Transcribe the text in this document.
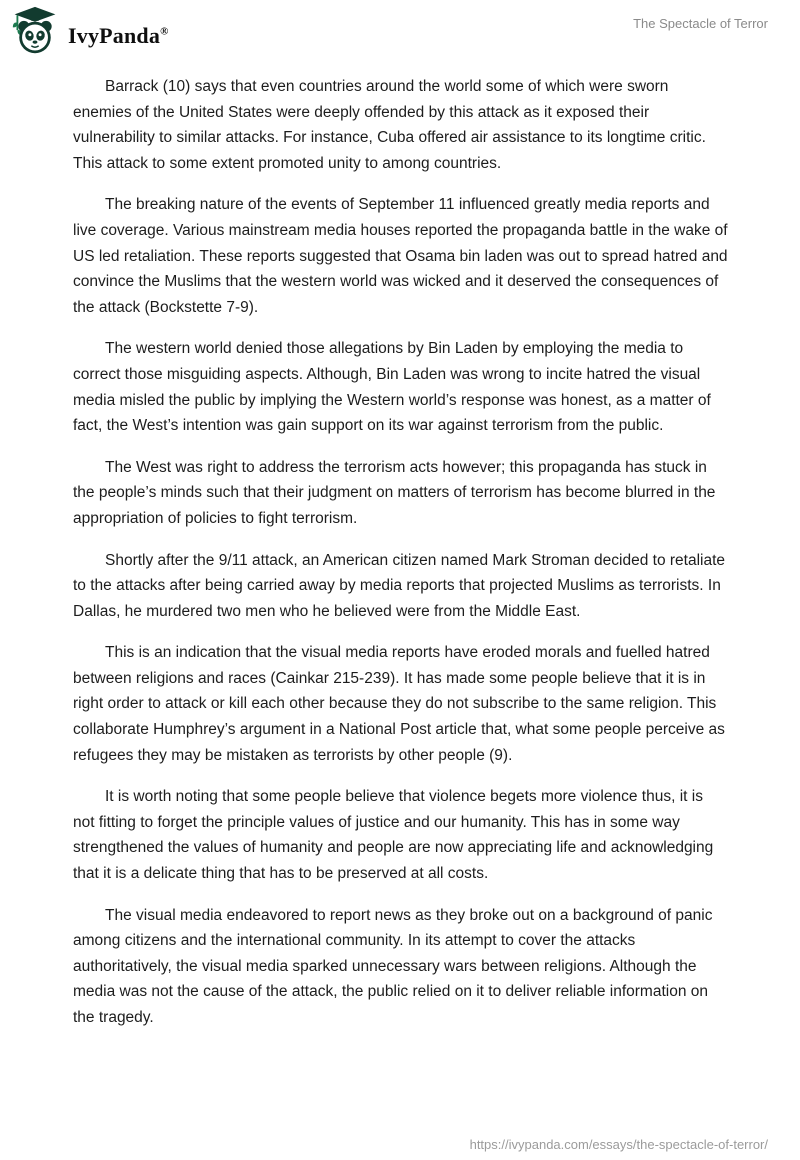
IvyPanda®
The Spectacle of Terror

Barrack (10) says that even countries around the world some of which were sworn enemies of the United States were deeply offended by this attack as it exposed their vulnerability to similar attacks. For instance, Cuba offered air assistance to its longtime critic. This attack to some extent promoted unity to among countries.

The breaking nature of the events of September 11 influenced greatly media reports and live coverage. Various mainstream media houses reported the propaganda battle in the wake of US led retaliation. These reports suggested that Osama bin laden was out to spread hatred and convince the Muslims that the western world was wicked and it deserved the consequences of the attack (Bockstette 7-9).

The western world denied those allegations by Bin Laden by employing the media to correct those misguiding aspects. Although, Bin Laden was wrong to incite hatred the visual media misled the public by implying the Western world’s response was honest, as a matter of fact, the West’s intention was gain support on its war against terrorism from the public.

The West was right to address the terrorism acts however; this propaganda has stuck in the people’s minds such that their judgment on matters of terrorism has become blurred in the appropriation of policies to fight terrorism.

Shortly after the 9/11 attack, an American citizen named Mark Stroman decided to retaliate to the attacks after being carried away by media reports that projected Muslims as terrorists. In Dallas, he murdered two men who he believed were from the Middle East.

This is an indication that the visual media reports have eroded morals and fuelled hatred between religions and races (Cainkar 215-239). It has made some people believe that it is in right order to attack or kill each other because they do not subscribe to the same religion. This collaborate Humphrey’s argument in a National Post article that, what some people perceive as refugees they may be mistaken as terrorists by other people (9).

It is worth noting that some people believe that violence begets more violence thus, it is not fitting to forget the principle values of justice and our humanity. This has in some way strengthened the values of humanity and people are now appreciating life and acknowledging that it is a delicate thing that has to be preserved at all costs.

The visual media endeavored to report news as they broke out on a background of panic among citizens and the international community. In its attempt to cover the attacks authoritatively, the visual media sparked unnecessary wars between religions. Although the media was not the cause of the attack, the public relied on it to deliver reliable information on the tragedy.

https://ivypanda.com/essays/the-spectacle-of-terror/
